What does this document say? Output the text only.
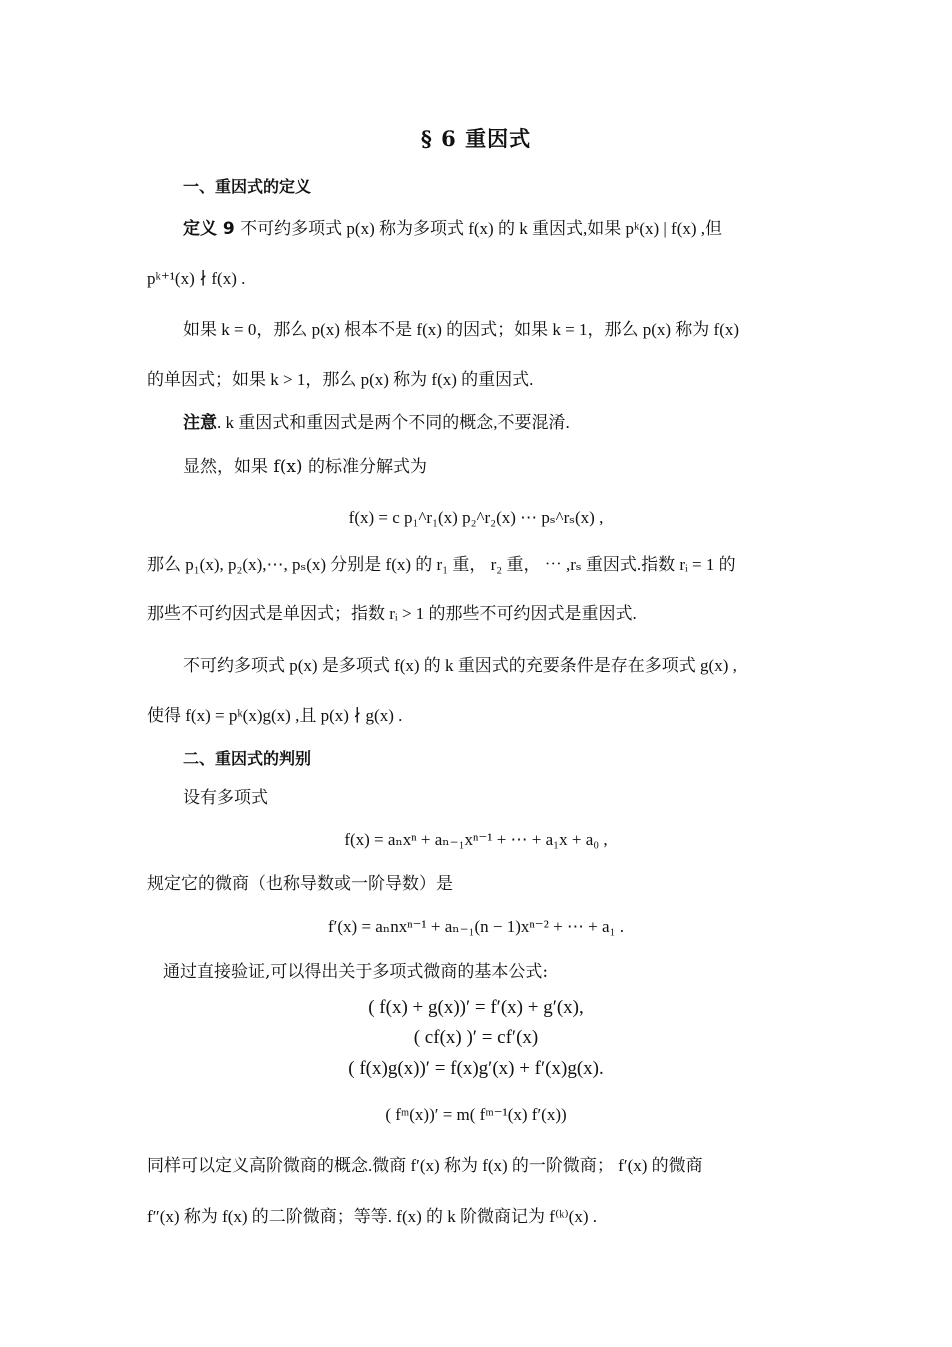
§ 6 重因式
一、重因式的定义
定义 9 不可约多项式 p(x) 称为多项式 f(x) 的 k 重因式,如果 pᵏ(x) | f(x) ,但
pᵏ⁺¹(x) ∤ f(x) .
如果 k = 0，那么 p(x) 根本不是 f(x) 的因式；如果 k = 1，那么 p(x) 称为 f(x)
的单因式；如果 k > 1，那么 p(x) 称为 f(x) 的重因式.
注意. k 重因式和重因式是两个不同的概念,不要混淆.
显然，如果 f(x) 的标准分解式为
f(x) = c p₁^r₁(x) p₂^r₂(x) ⋯ pₛ^rₛ(x) ,
那么 p₁(x), p₂(x),⋯, pₛ(x) 分别是 f(x) 的 r₁ 重， r₂ 重， ⋯ ,rₛ 重因式.指数 rᵢ = 1 的
那些不可约因式是单因式；指数 rᵢ > 1 的那些不可约因式是重因式.
不可约多项式 p(x) 是多项式 f(x) 的 k 重因式的充要条件是存在多项式 g(x) ,
使得 f(x) = pᵏ(x)g(x) ,且 p(x) ∤ g(x) .
二、重因式的判别
设有多项式
f(x) = aₙxⁿ + aₙ₋₁xⁿ⁻¹ + ⋯ + a₁x + a₀ ,
规定它的微商（也称导数或一阶导数）是
f′(x) = aₙnxⁿ⁻¹ + aₙ₋₁(n − 1)xⁿ⁻² + ⋯ + a₁ .
通过直接验证,可以得出关于多项式微商的基本公式:
( f(x) + g(x))′ = f′(x) + g′(x),
( cf(x) )′ = cf′(x)
( f(x)g(x))′ = f(x)g′(x) + f′(x)g(x).
( fᵐ(x))′ = m( fᵐ⁻¹(x) f′(x))
同样可以定义高阶微商的概念.微商 f′(x) 称为 f(x) 的一阶微商； f′(x) 的微商
f″(x) 称为 f(x) 的二阶微商；等等. f(x) 的 k 阶微商记为 f⁽ᵏ⁾(x) .
